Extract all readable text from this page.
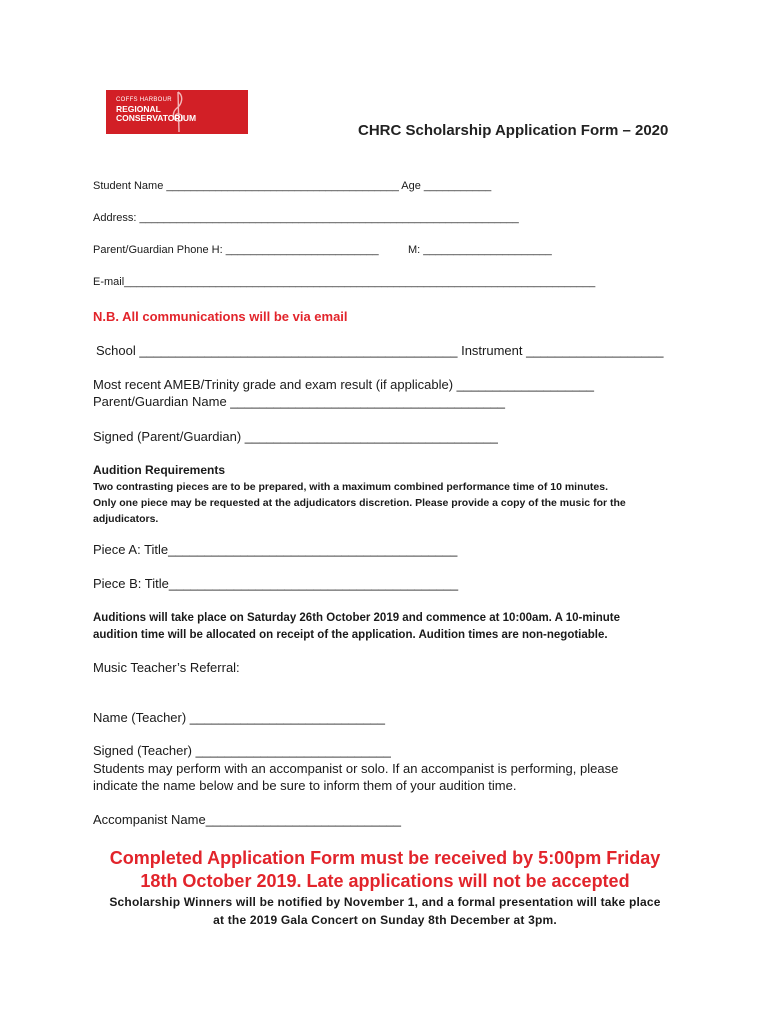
COFFS HARBOUR
REGIONAL
CONSERVATORIUM
CHRC Scholarship Application Form – 2020
Student Name ______________________________________ Age ___________
Address: ______________________________________________________________
Parent/Guardian Phone H: _________________________	M: _____________________
E-mail_____________________________________________________________________________
N.B. All communications will be via email
School ____________________________________________ Instrument ___________________
Most recent AMEB/Trinity grade and exam result (if applicable) ___________________
Parent/Guardian Name ______________________________________
Signed (Parent/Guardian) ___________________________________
Audition Requirements
Two contrasting pieces are to be prepared, with a maximum combined performance time of 10 minutes.
Only one piece may be requested at the adjudicators discretion. Please provide a copy of the music for the
adjudicators.
Piece A: Title________________________________________
Piece B: Title________________________________________
Auditions will take place on Saturday 26th October 2019 and commence at 10:00am. A 10-minute
audition time will be allocated on receipt of the application. Audition times are non-negotiable.
Music Teacher’s Referral:
Name (Teacher) ___________________________
Signed (Teacher) ___________________________
Students may perform with an accompanist or solo. If an accompanist is performing, please
indicate the name below and be sure to inform them of your audition time.
Accompanist Name___________________________
Completed Application Form must be received by 5:00pm Friday
18th October 2019. Late applications will not be accepted
Scholarship Winners will be notified by November 1, and a formal presentation will take place
at the 2019 Gala Concert on Sunday 8th December at 3pm.
